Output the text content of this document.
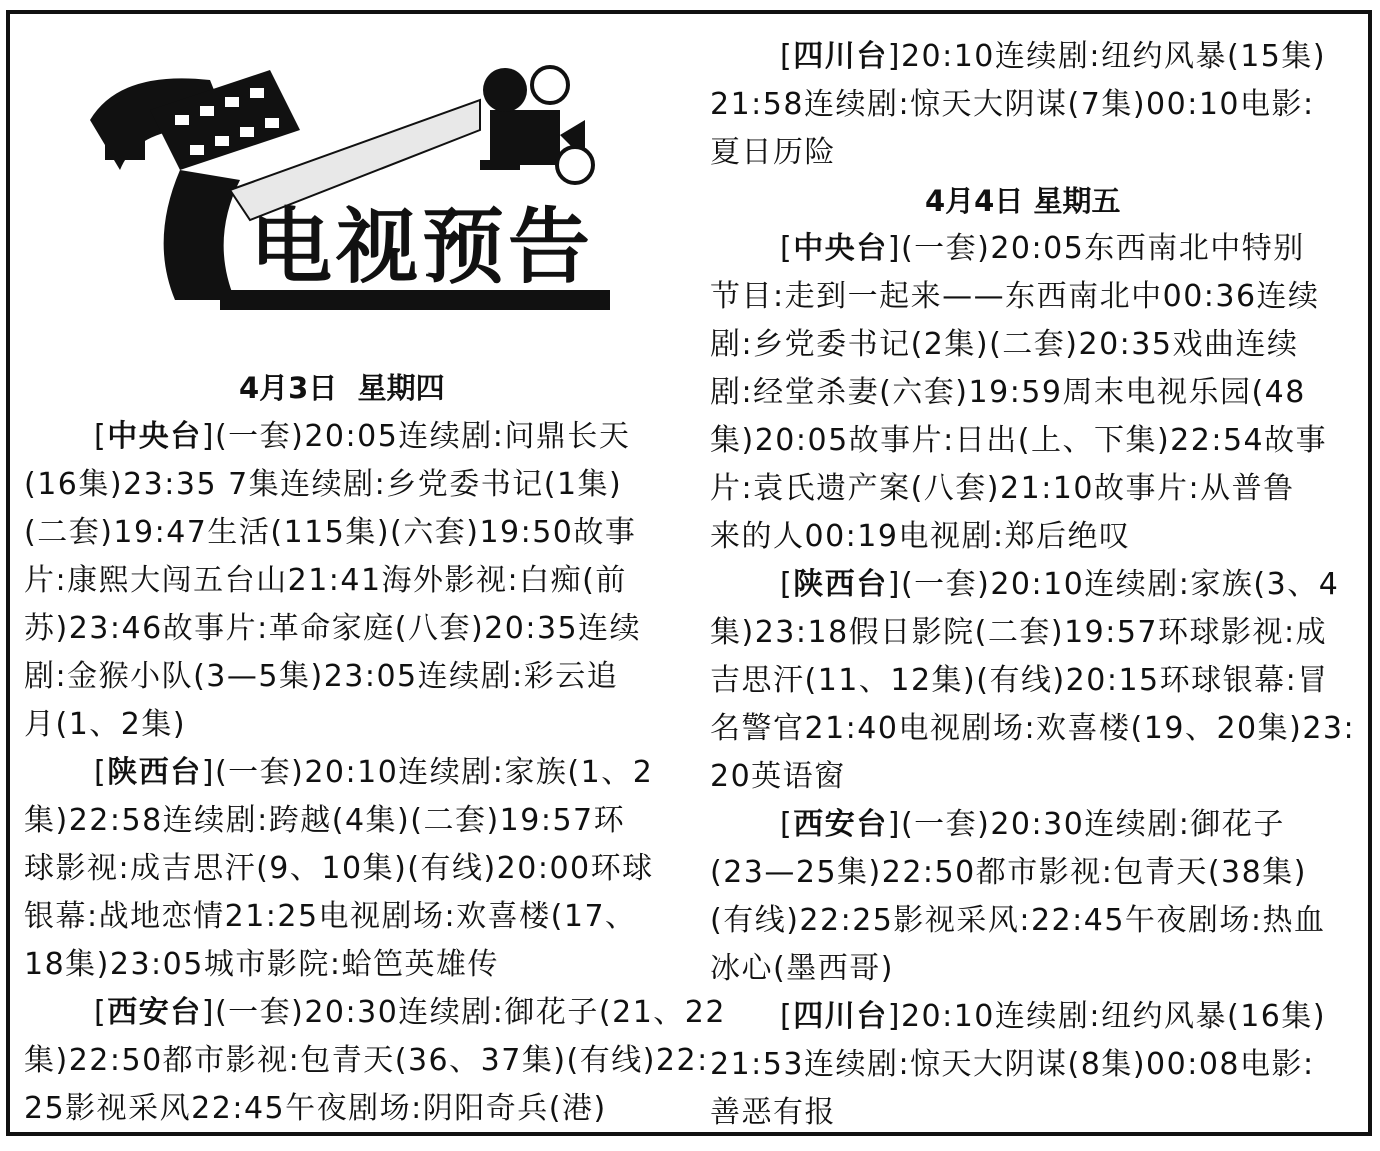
电视预告
4月3日 星期四
[中央台](一套)20:05连续剧:问鼎长天
(16集)23:35 7集连续剧:乡党委书记(1集)
(二套)19:47生活(115集)(六套)19:50故事
片:康熙大闯五台山21:41海外影视:白痴(前
苏)23:46故事片:革命家庭(八套)20:35连续
剧:金猴小队(3—5集)23:05连续剧:彩云追
月(1、2集)
[陕西台](一套)20:10连续剧:家族(1、2
集)22:58连续剧:跨越(4集)(二套)19:57环
球影视:成吉思汗(9、10集)(有线)20:00环球
银幕:战地恋情21:25电视剧场:欢喜楼(17、
18集)23:05城市影院:蛤笆英雄传
[西安台](一套)20:30连续剧:御花子(21、22
集)22:50都市影视:包青天(36、37集)(有线)22:
25影视采风22:45午夜剧场:阴阳奇兵(港)
[四川台]20:10连续剧:纽约风暴(15集)
21:58连续剧:惊天大阴谋(7集)00:10电影:
夏日历险
4月4日 星期五
[中央台](一套)20:05东西南北中特别
节目:走到一起来——东西南北中00:36连续
剧:乡党委书记(2集)(二套)20:35戏曲连续
剧:经堂杀妻(六套)19:59周末电视乐园(48
集)20:05故事片:日出(上、下集)22:54故事
片:袁氏遗产案(八套)21:10故事片:从普鲁
来的人00:19电视剧:郑后绝叹
[陕西台](一套)20:10连续剧:家族(3、4
集)23:18假日影院(二套)19:57环球影视:成
吉思汗(11、12集)(有线)20:15环球银幕:冒
名警官21:40电视剧场:欢喜楼(19、20集)23:
20英语窗
[西安台](一套)20:30连续剧:御花子
(23—25集)22:50都市影视:包青天(38集)
(有线)22:25影视采风:22:45午夜剧场:热血
冰心(墨西哥)
[四川台]20:10连续剧:纽约风暴(16集)
21:53连续剧:惊天大阴谋(8集)00:08电影:
善恶有报
